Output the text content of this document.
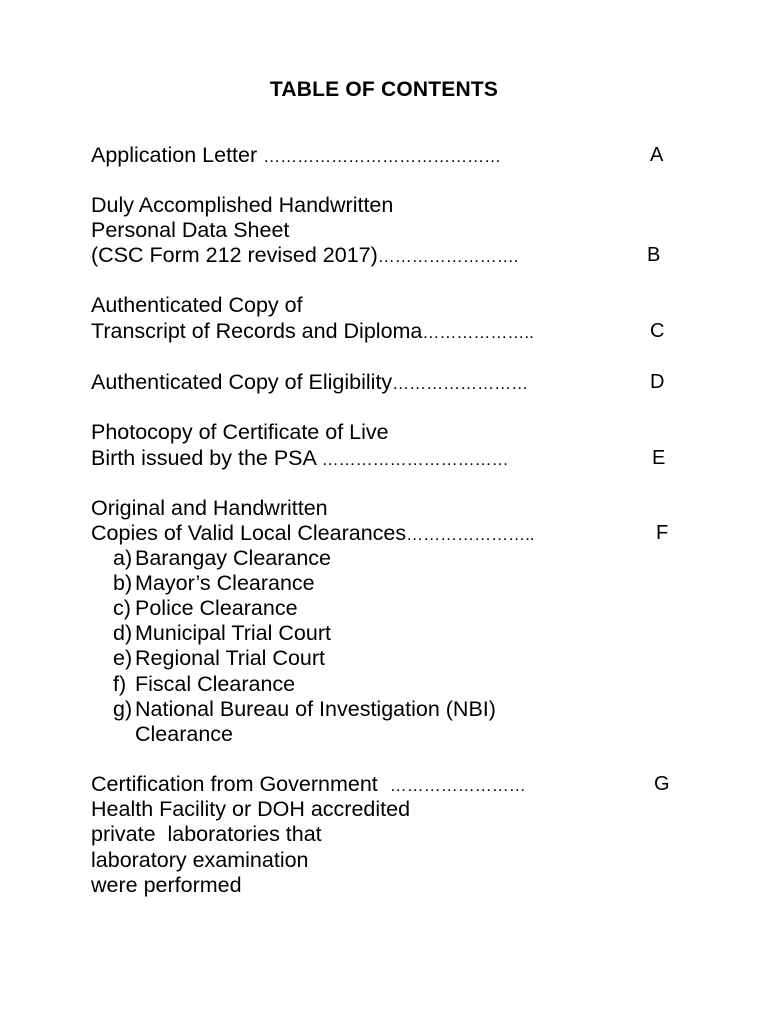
TABLE OF CONTENTS
Application Letter ……………………………………	A
Duly Accomplished Handwritten
Personal Data Sheet
(CSC Form 212 revised 2017)…………………….	B
Authenticated Copy of
Transcript of Records and Diploma………………..	C
Authenticated Copy of Eligibility……………………	D
Photocopy of Certificate of Live
Birth issued by the PSA ……………………………	E
Original and Handwritten
Copies of Valid Local Clearances…………………..	F
a) Barangay Clearance
b) Mayor’s Clearance
c) Police Clearance
d) Municipal Trial Court
e) Regional Trial Court
f) Fiscal Clearance
g) National Bureau of Investigation (NBI)
Clearance
Certification from Government  ……………………	G
Health Facility or DOH accredited
private  laboratories that
laboratory examination
were performed
